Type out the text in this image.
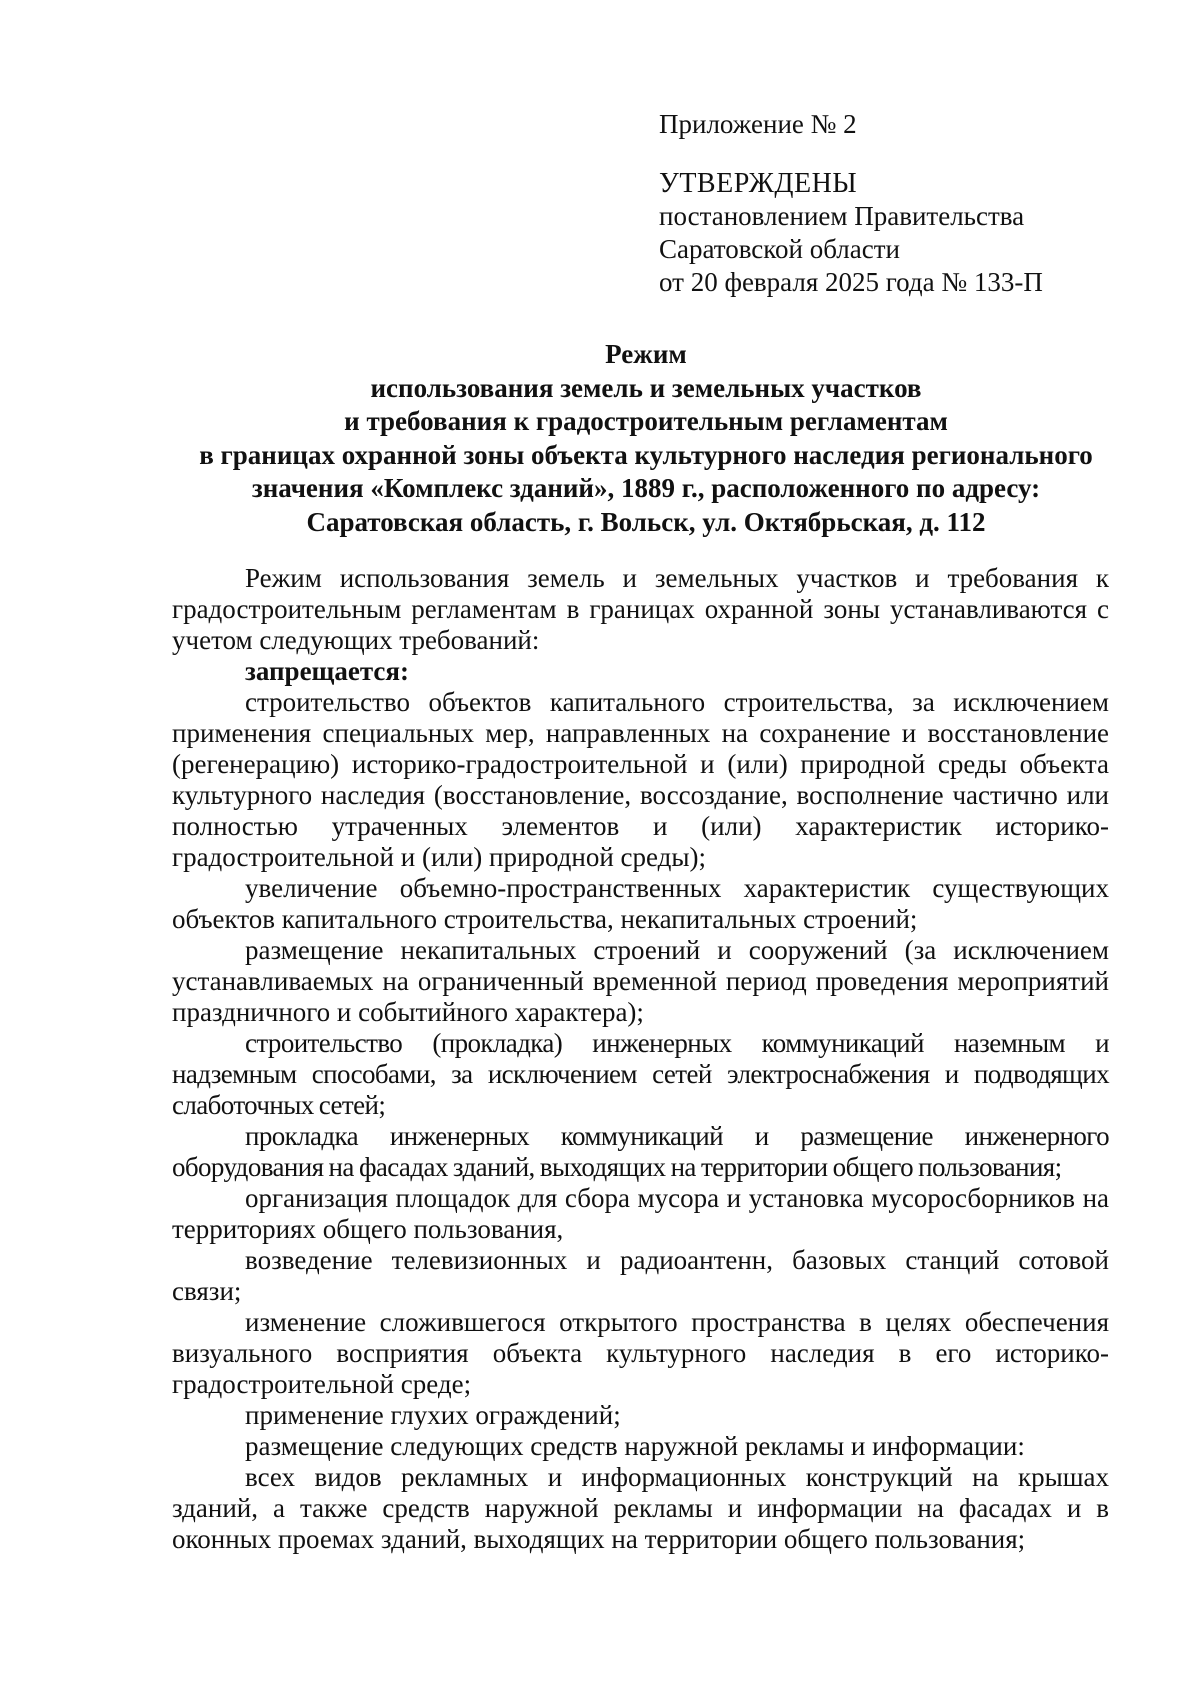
Приложение № 2
УТВЕРЖДЕНЫ
постановлением Правительства
Саратовской области
от 20 февраля 2025 года № 133-П
Режим
использования земель и земельных участков
и требования к градостроительным регламентам
в границах охранной зоны объекта культурного наследия регионального
значения «Комплекс зданий», 1889 г., расположенного по адресу:
Саратовская область, г. Вольск, ул. Октябрьская, д. 112

Режим использования земель и земельных участков и требования к градостроительным регламентам в границах охранной зоны устанавливаются с учетом следующих требований:

запрещается:

строительство объектов капитального строительства, за исключением применения специальных мер, направленных на сохранение и восстановление (регенерацию) историко-градостроительной и (или) природной среды объекта культурного наследия (восстановление, воссоздание, восполнение частично или полностью утраченных элементов и (или) характеристик историко-градостроительной и (или) природной среды);

увеличение объемно-пространственных характеристик существующих объектов капитального строительства, некапитальных строений;

размещение некапитальных строений и сооружений (за исключением устанавливаемых на ограниченный временной период проведения мероприятий праздничного и событийного характера);

строительство (прокладка) инженерных коммуникаций наземным и надземным способами, за исключением сетей электроснабжения и подводящих слаботочных сетей;

прокладка инженерных коммуникаций и размещение инженерного оборудования на фасадах зданий, выходящих на территории общего пользования;

организация площадок для сбора мусора и установка мусоросборников на территориях общего пользования,

возведение телевизионных и радиоантенн, базовых станций сотовой связи;

изменение сложившегося открытого пространства в целях обеспечения визуального восприятия объекта культурного наследия в его историко-градостроительной среде;

применение глухих ограждений;

размещение следующих средств наружной рекламы и информации:

всех видов рекламных и информационных конструкций на крышах зданий, а также средств наружной рекламы и информации на фасадах и в оконных проемах зданий, выходящих на территории общего пользования;
